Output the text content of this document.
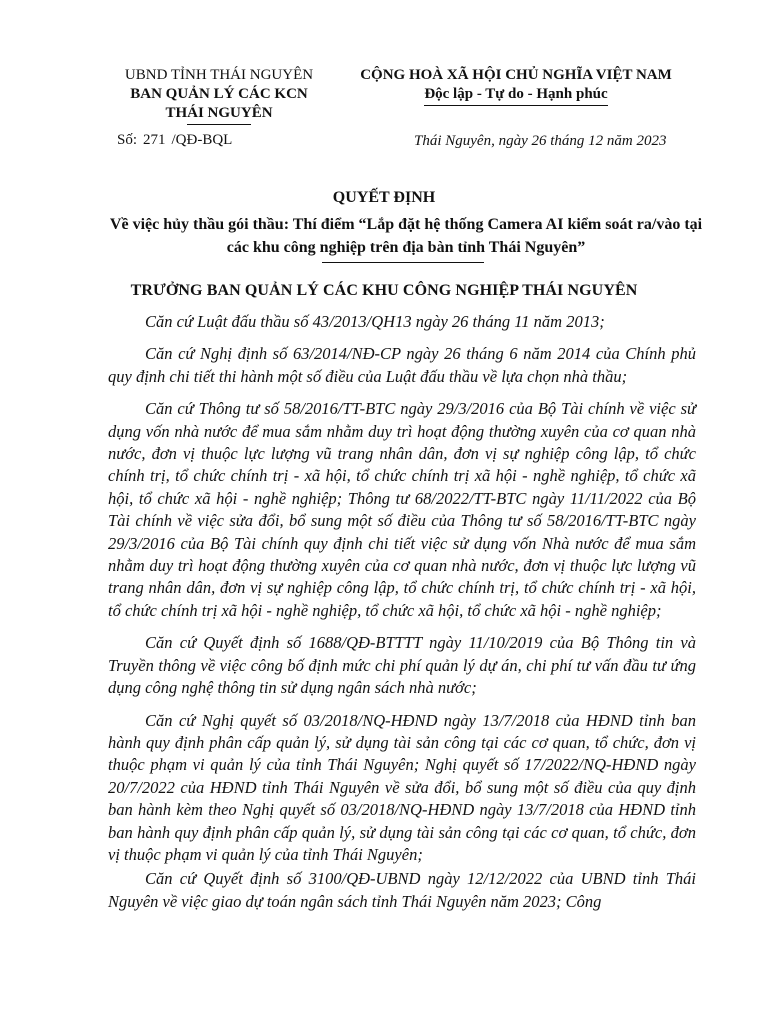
UBND TỈNH THÁI NGUYÊN
BAN QUẢN LÝ CÁC KCN
THÁI NGUYÊN
CỘNG HOÀ XÃ HỘI CHỦ NGHĨA VIỆT NAM
Độc lập - Tự do - Hạnh phúc
Số: 271 /QĐ-BQL	Thái Nguyên, ngày 26 tháng 12 năm 2023
QUYẾT ĐỊNH
Về việc hủy thầu gói thầu: Thí điểm “Lắp đặt hệ thống Camera AI kiểm soát ra/vào tại các khu công nghiệp trên địa bàn tỉnh Thái Nguyên”
TRƯỞNG BAN QUẢN LÝ CÁC KHU CÔNG NGHIỆP THÁI NGUYÊN

Căn cứ Luật đấu thầu số 43/2013/QH13 ngày 26 tháng 11 năm 2013;

Căn cứ Nghị định số 63/2014/NĐ-CP ngày 26 tháng 6 năm 2014 của Chính phủ quy định chi tiết thi hành một số điều của Luật đấu thầu về lựa chọn nhà thầu;

Căn cứ Thông tư số 58/2016/TT-BTC ngày 29/3/2016 của Bộ Tài chính về việc sử dụng vốn nhà nước để mua sắm nhằm duy trì hoạt động thường xuyên của cơ quan nhà nước, đơn vị thuộc lực lượng vũ trang nhân dân, đơn vị sự nghiệp công lập, tổ chức chính trị, tổ chức chính trị - xã hội, tổ chức chính trị xã hội - nghề nghiệp, tổ chức xã hội, tổ chức xã hội - nghề nghiệp; Thông tư 68/2022/TT-BTC ngày 11/11/2022 của Bộ Tài chính về việc sửa đổi, bổ sung một số điều của Thông tư số 58/2016/TT-BTC ngày 29/3/2016 của Bộ Tài chính quy định chi tiết việc sử dụng vốn Nhà nước để mua sắm nhằm duy trì hoạt động thường xuyên của cơ quan nhà nước, đơn vị thuộc lực lượng vũ trang nhân dân, đơn vị sự nghiệp công lập, tổ chức chính trị, tổ chức chính trị - xã hội, tổ chức chính trị xã hội - nghề nghiệp, tổ chức xã hội, tổ chức xã hội - nghề nghiệp;

Căn cứ Quyết định số 1688/QĐ-BTTTT ngày 11/10/2019 của Bộ Thông tin và Truyền thông về việc công bố định mức chi phí quản lý dự án, chi phí tư vấn đầu tư ứng dụng công nghệ thông tin sử dụng ngân sách nhà nước;

Căn cứ Nghị quyết số 03/2018/NQ-HĐND ngày 13/7/2018 của HĐND tỉnh ban hành quy định phân cấp quản lý, sử dụng tài sản công tại các cơ quan, tổ chức, đơn vị thuộc phạm vi quản lý của tỉnh Thái Nguyên; Nghị quyết số 17/2022/NQ-HĐND ngày 20/7/2022 của HĐND tỉnh Thái Nguyên về sửa đổi, bổ sung một số điều của quy định ban hành kèm theo Nghị quyết số 03/2018/NQ-HĐND ngày 13/7/2018 của HĐND tỉnh ban hành quy định phân cấp quản lý, sử dụng tài sản công tại các cơ quan, tổ chức, đơn vị thuộc phạm vi quản lý của tỉnh Thái Nguyên;

Căn cứ Quyết định số 3100/QĐ-UBND ngày 12/12/2022 của UBND tỉnh Thái Nguyên về việc giao dự toán ngân sách tỉnh Thái Nguyên năm 2023; Công
